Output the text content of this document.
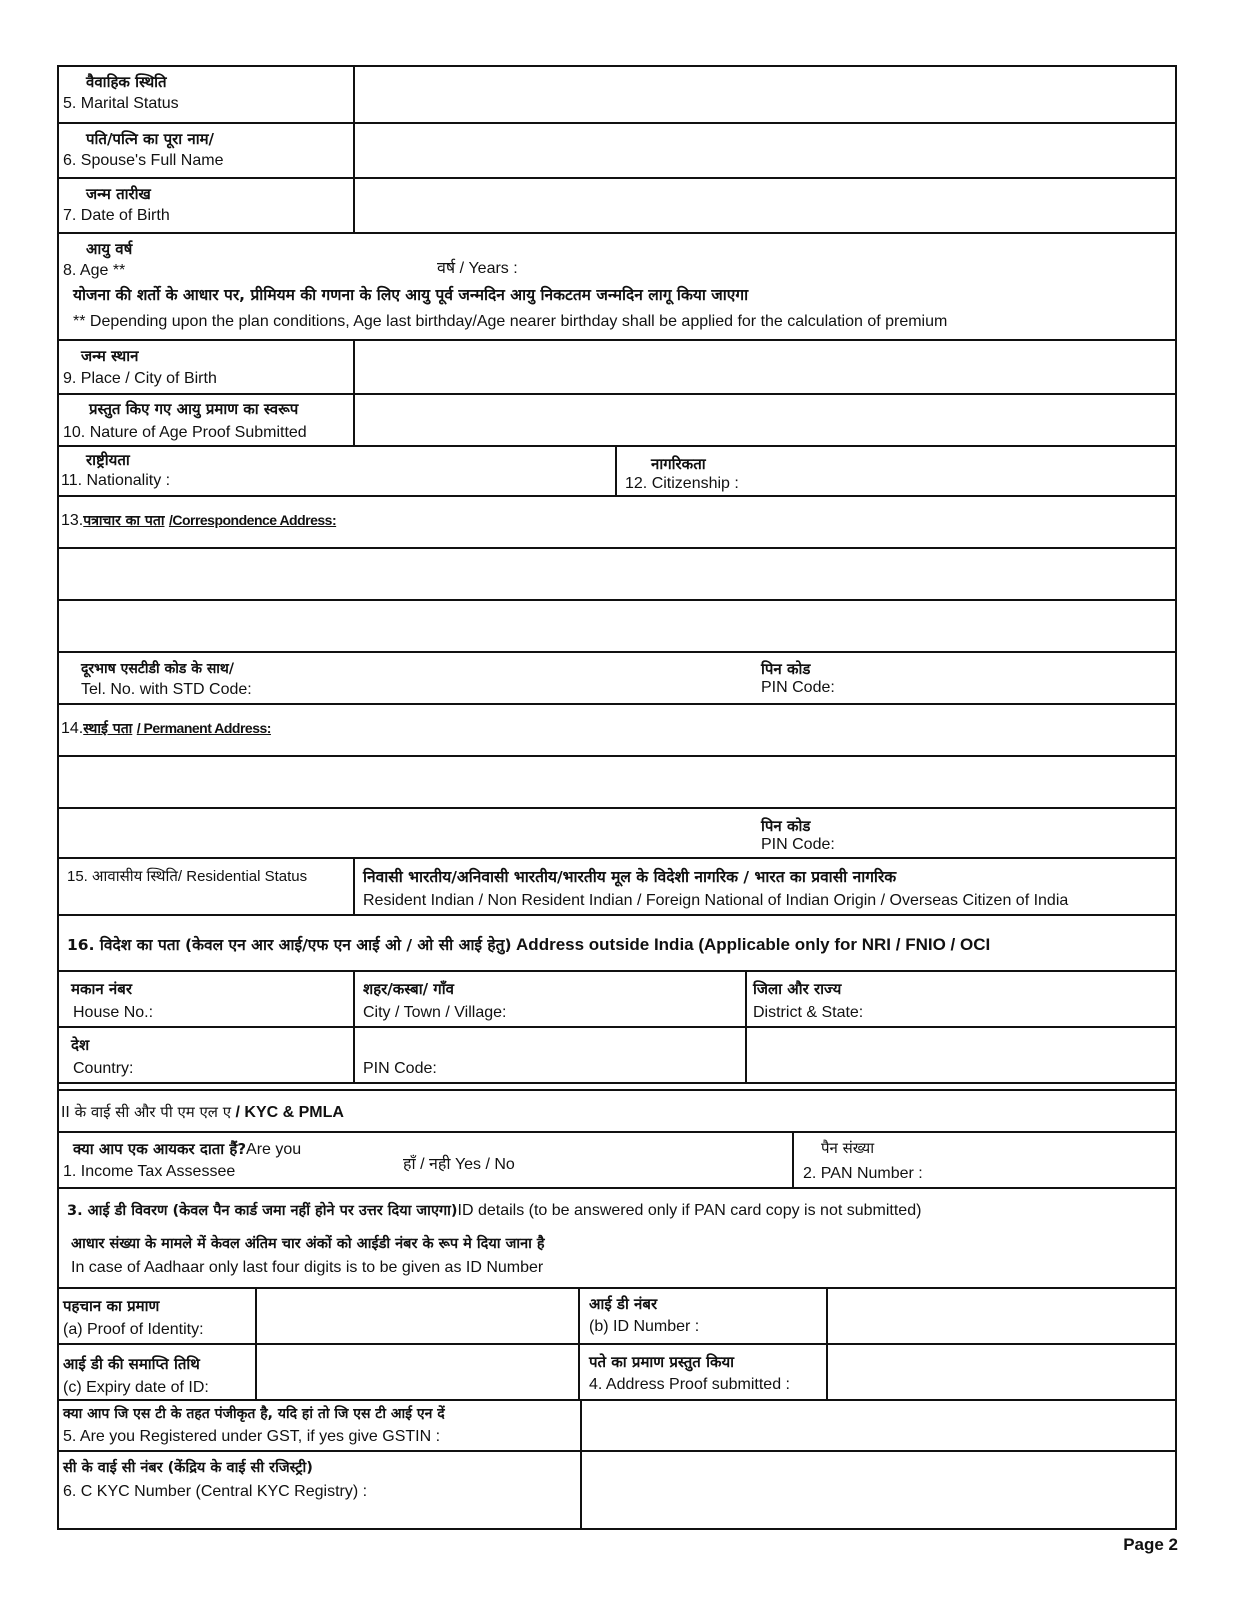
वैवाहिक स्थिति
5. Marital Status
पति/पत्नि का पूरा नाम/
6. Spouse's Full Name
जन्म तारीख
7. Date of Birth
आयु वर्ष
8. Age **	वर्ष / Years :
योजना की शर्तो के आधार पर, प्रीमियम की गणना के लिए आयु पूर्व जन्मदिन आयु निकटतम जन्मदिन लागू किया जाएगा
** Depending upon the plan conditions, Age last birthday/Age nearer birthday shall be applied for the calculation of premium
जन्म स्थान
9. Place / City of Birth
प्रस्तुत किए गए आयु प्रमाण का स्वरूप
10. Nature of Age Proof Submitted
राष्ट्रीयता
11. Nationality :
नागरिकता
12. Citizenship :
13.पत्राचार का पता /Correspondence Address:
दूरभाष एसटीडी कोड के साथ/
Tel. No. with STD Code:
पिन कोड
PIN Code:
14.स्थाई पता / Permanent Address:
पिन कोड
PIN Code:
15. आवासीय स्थिति/ Residential Status	निवासी भारतीय/अनिवासी भारतीय/भारतीय मूल के विदेशी नागरिक / भारत का प्रवासी नागरिक
Resident Indian / Non Resident Indian / Foreign National of Indian Origin / Overseas Citizen of India
16. विदेश का पता (केवल एन आर आई/एफ एन आई ओ / ओ सी आई हेतु) Address outside India (Applicable only for NRI / FNIO / OCI
मकान नंबर
House No.:
शहर/कस्बा/ गाँव
City / Town / Village:
जिला और राज्य
District & State:
देश
Country:	PIN Code:
II के वाई सी और पी एम एल ए / KYC & PMLA
क्या आप एक आयकर दाता हैं?Are you
1. Income Tax Assessee	हाँ / नही Yes / No
पैन संख्या
2. PAN Number :
3. आई डी विवरण (केवल पैन कार्ड जमा नहीं होने पर उत्तर दिया जाएगा)ID details (to be answered only if PAN card copy is not submitted)
आधार संख्या के मामले में केवल अंतिम चार अंकों को आईडी नंबर के रूप मे दिया जाना है
In case of Aadhaar only last four digits is to be given as ID Number
पहचान का प्रमाण
(a) Proof of Identity:
आई डी नंबर
(b) ID Number :
आई डी की समाप्ति तिथि
(c) Expiry date of ID:
पते का प्रमाण प्रस्तुत किया
4. Address Proof submitted :
क्या आप जि एस टी के तहत पंजीकृत है, यदि हां तो जि एस टी आई एन दें
5. Are you Registered under GST, if yes give GSTIN :
सी के वाई सी नंबर (केंद्रिय के वाई सी रजिस्ट्री)
6. C KYC Number (Central KYC Registry) :
Page 2
